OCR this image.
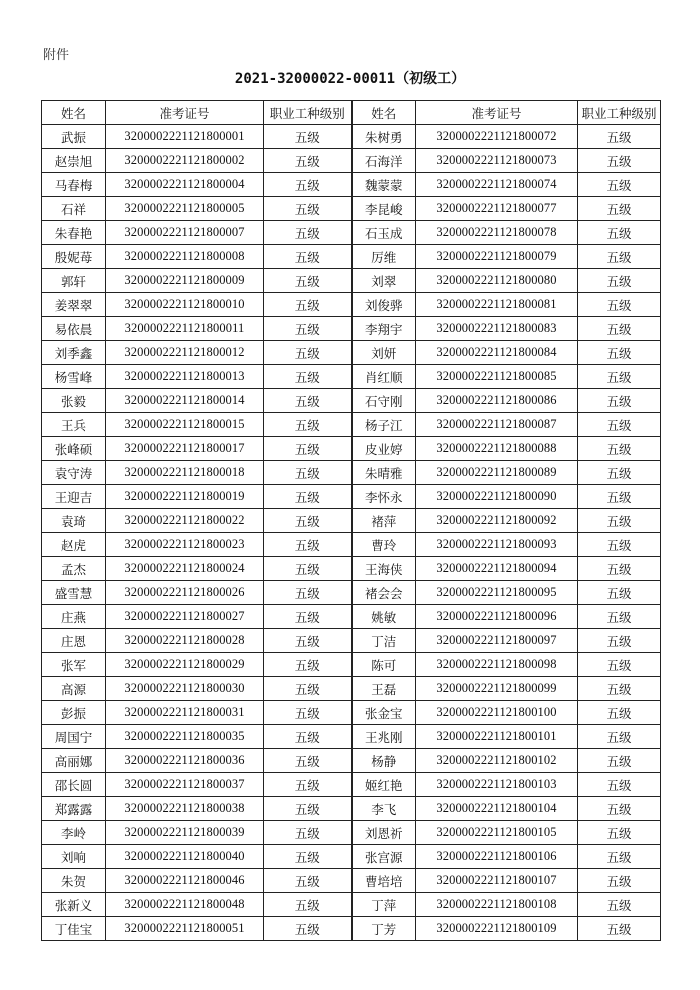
附件
2021-32000022-00011（初级工）
姓名	准考证号	职业工种级别	姓名	准考证号	职业工种级别
武振	3200002221121800001	五级	朱树勇	3200002221121800072	五级
赵崇旭	3200002221121800002	五级	石海洋	3200002221121800073	五级
马春梅	3200002221121800004	五级	魏蒙蒙	3200002221121800074	五级
石祥	3200002221121800005	五级	李昆峻	3200002221121800077	五级
朱春艳	3200002221121800007	五级	石玉成	3200002221121800078	五级
殷妮苺	3200002221121800008	五级	厉维	3200002221121800079	五级
郭轩	3200002221121800009	五级	刘翠	3200002221121800080	五级
姜翠翠	3200002221121800010	五级	刘俊骅	3200002221121800081	五级
易依晨	3200002221121800011	五级	李翔宇	3200002221121800083	五级
刘季鑫	3200002221121800012	五级	刘妍	3200002221121800084	五级
杨雪峰	3200002221121800013	五级	肖红顺	3200002221121800085	五级
张毅	3200002221121800014	五级	石守刚	3200002221121800086	五级
王兵	3200002221121800015	五级	杨子江	3200002221121800087	五级
张峰硕	3200002221121800017	五级	皮业婷	3200002221121800088	五级
袁守涛	3200002221121800018	五级	朱晴雅	3200002221121800089	五级
王迎吉	3200002221121800019	五级	李怀永	3200002221121800090	五级
袁琦	3200002221121800022	五级	褚萍	3200002221121800092	五级
赵虎	3200002221121800023	五级	曹玲	3200002221121800093	五级
孟杰	3200002221121800024	五级	王海侠	3200002221121800094	五级
盛雪慧	3200002221121800026	五级	褚会会	3200002221121800095	五级
庄燕	3200002221121800027	五级	姚敏	3200002221121800096	五级
庄恩	3200002221121800028	五级	丁洁	3200002221121800097	五级
张军	3200002221121800029	五级	陈可	3200002221121800098	五级
高源	3200002221121800030	五级	王磊	3200002221121800099	五级
彭振	3200002221121800031	五级	张金宝	3200002221121800100	五级
周国宁	3200002221121800035	五级	王兆刚	3200002221121800101	五级
高丽娜	3200002221121800036	五级	杨静	3200002221121800102	五级
邵长圆	3200002221121800037	五级	姬红艳	3200002221121800103	五级
郑露露	3200002221121800038	五级	李飞	3200002221121800104	五级
李岭	3200002221121800039	五级	刘恩祈	3200002221121800105	五级
刘响	3200002221121800040	五级	张宫源	3200002221121800106	五级
朱贺	3200002221121800046	五级	曹培培	3200002221121800107	五级
张新义	3200002221121800048	五级	丁萍	3200002221121800108	五级
丁佳宝	3200002221121800051	五级	丁芳	3200002221121800109	五级
